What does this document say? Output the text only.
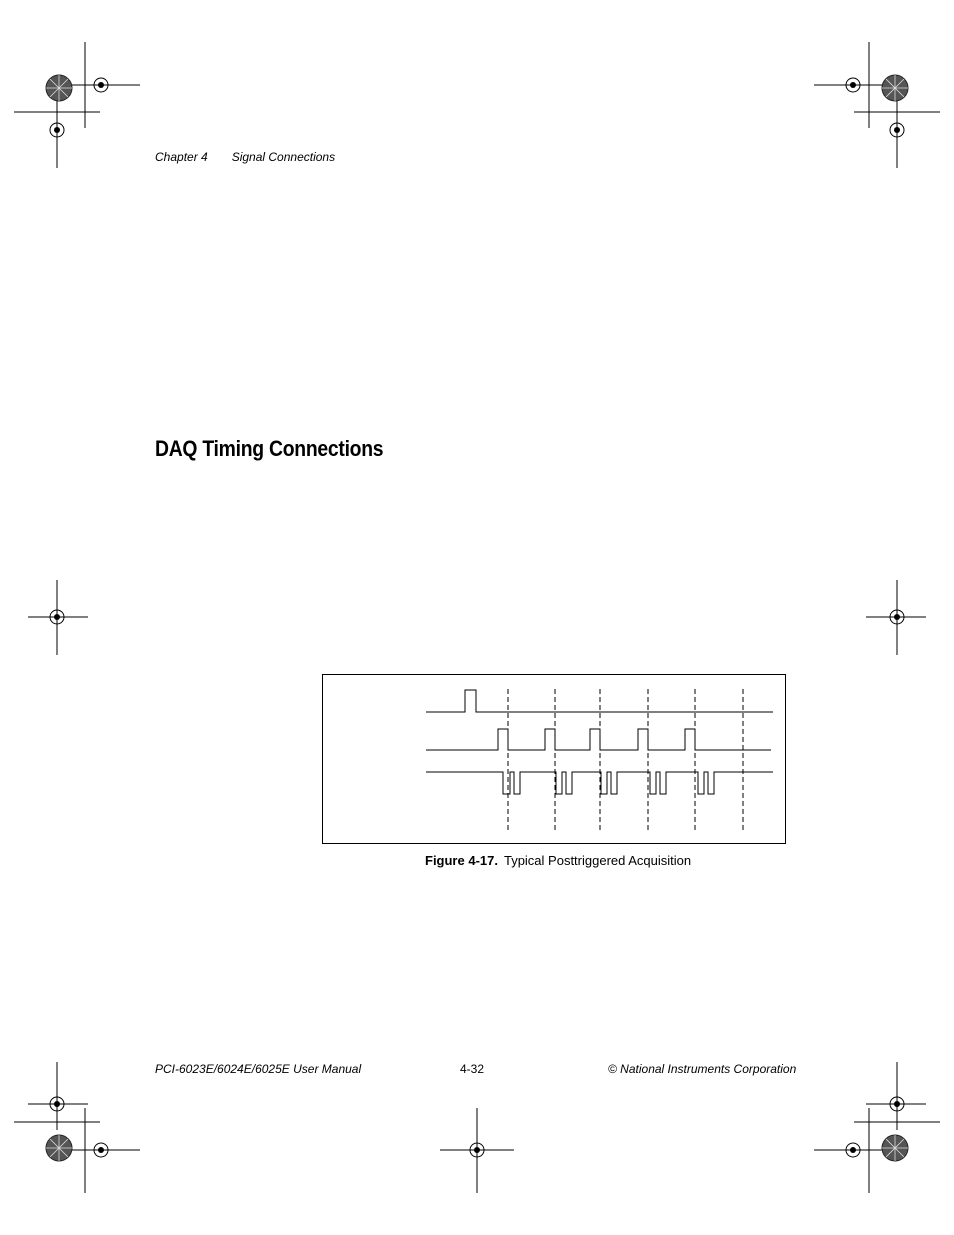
Chapter 4 Signal Connections
DAQ Timing Connections
Figure 4-17. Typical Posttriggered Acquisition
PCI-6023E/6024E/6025E User Manual	4-32	© National Instruments Corporation
